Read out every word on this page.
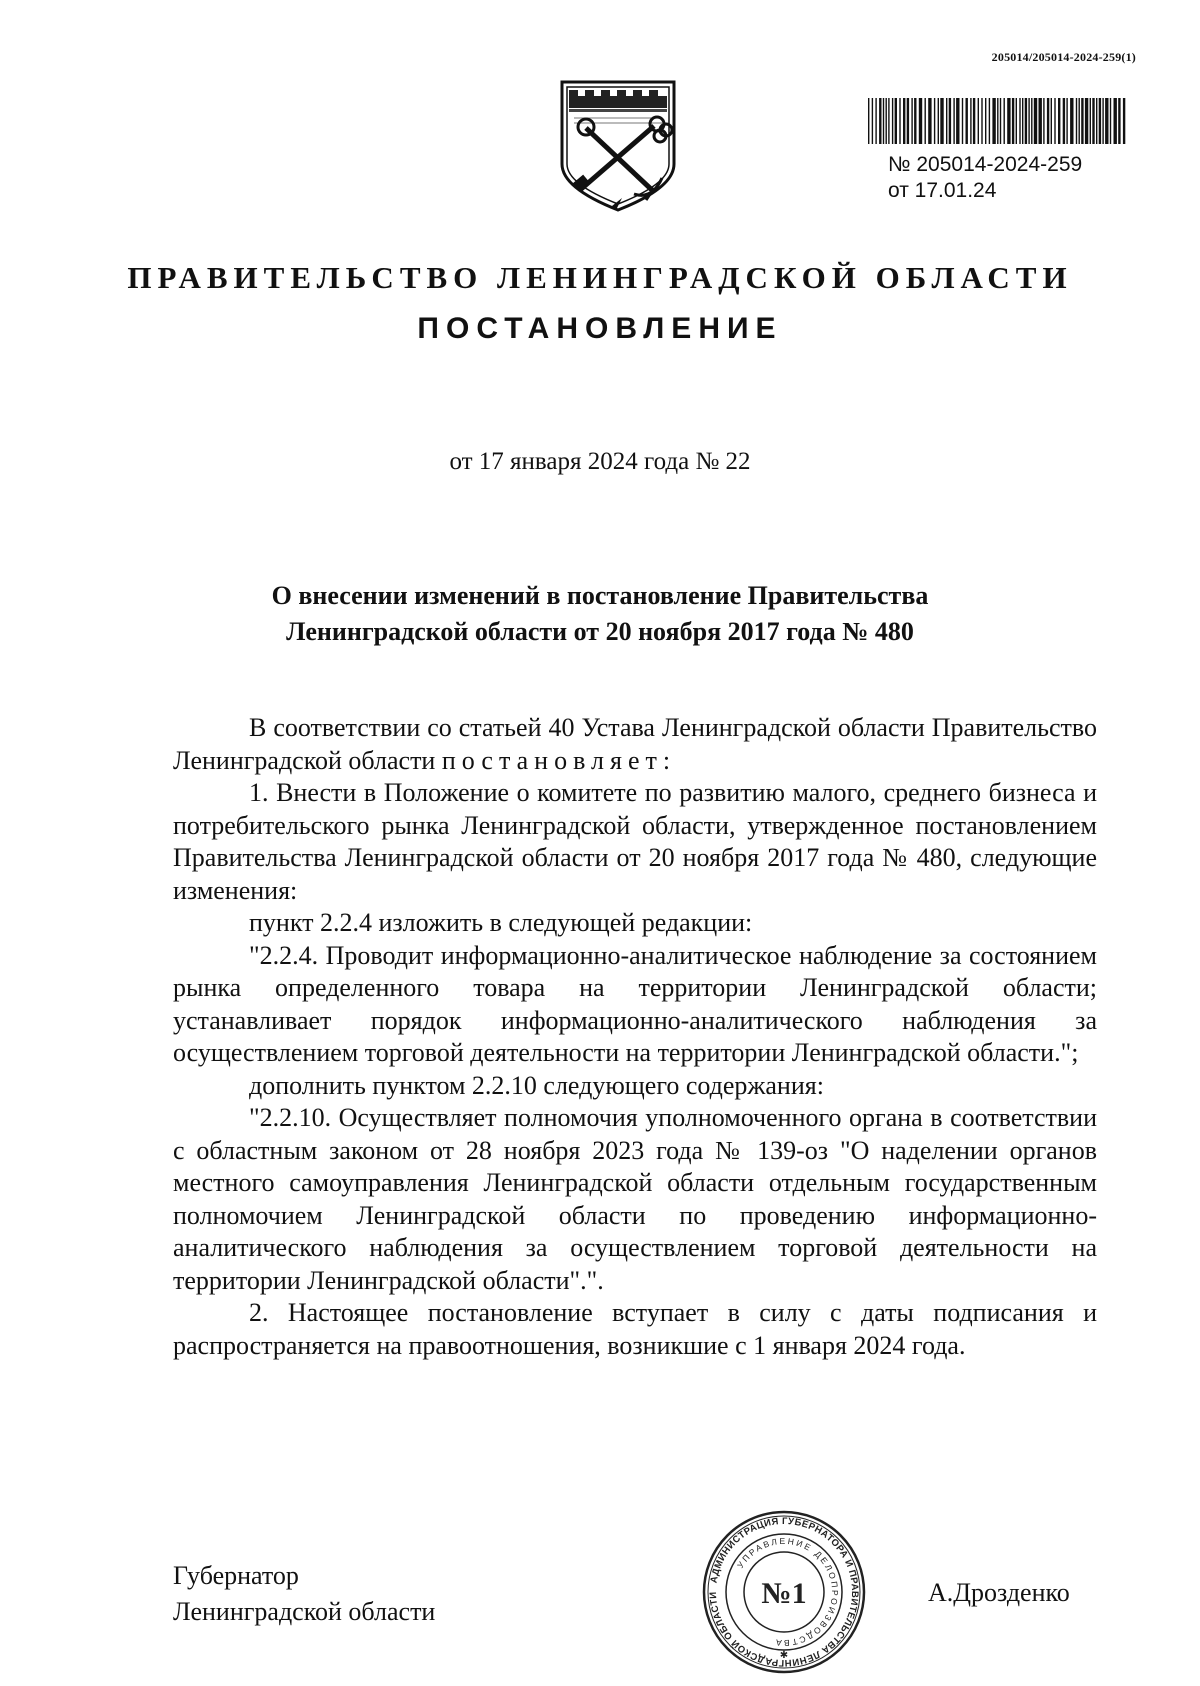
205014/205014-2024-259(1)
№ 205014-2024-259
от 17.01.24
ПРАВИТЕЛЬСТВО ЛЕНИНГРАДСКОЙ ОБЛАСТИ
ПОСТАНОВЛЕНИЕ
от 17 января 2024 года № 22
О внесении изменений в постановление Правительства
Ленинградской области от 20 ноября 2017 года № 480

В соответствии со статьей 40 Устава Ленинградской области Правительство Ленинградской области постановляет:

1. Внести в Положение о комитете по развитию малого, среднего бизнеса и потребительского рынка Ленинградской области, утвержденное постановлением Правительства Ленинградской области от 20 ноября 2017 года № 480, следующие изменения:

пункт 2.2.4 изложить в следующей редакции:

"2.2.4. Проводит информационно-аналитическое наблюдение за состоянием рынка определенного товара на территории Ленинградской области; устанавливает порядок информационно-аналитического наблюдения за осуществлением торговой деятельности на территории Ленинградской области.";

дополнить пунктом 2.2.10 следующего содержания:

"2.2.10. Осуществляет полномочия уполномоченного органа в соответствии с областным законом от 28 ноября 2023 года № 139-оз "О наделении органов местного самоуправления Ленинградской области отдельным государственным полномочием Ленинградской области по проведению информационно-аналитического наблюдения за осуществлением торговой деятельности на территории Ленинградской области".".

2. Настоящее постановление вступает в силу с даты подписания и распространяется на правоотношения, возникшие с 1 января 2024 года.

Губернатор
Ленинградской области
АДМИНИСТРАЦИЯ ГУБЕРНАТОРА И ПРАВИТЕЛЬСТВА ЛЕНИНГРАДСКОЙ ОБЛАСТИ
УПРАВЛЕНИЕ ДЕЛОПРОИЗВОДСТВА
№1
✱
А.Дрозденко
